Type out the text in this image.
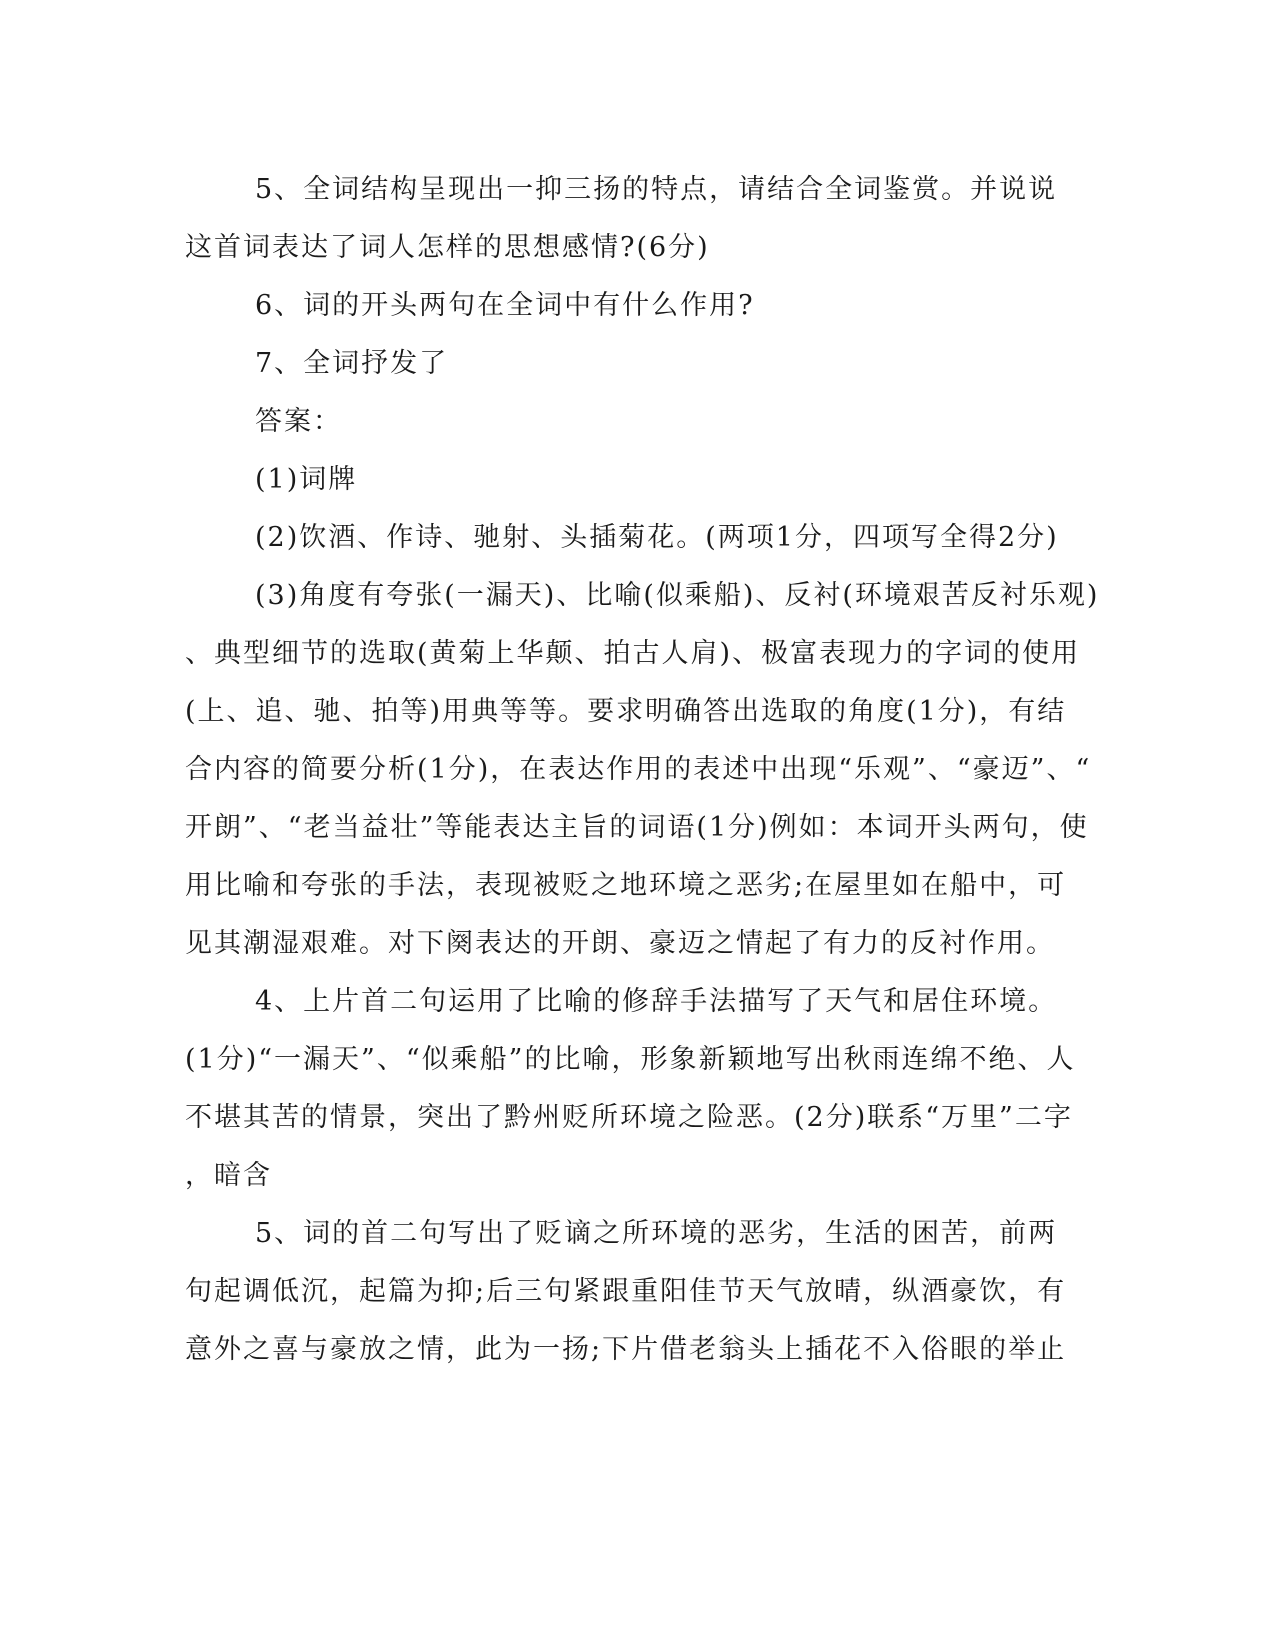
5、全词结构呈现出一抑三扬的特点，请结合全词鉴赏。并说说
这首词表达了词人怎样的思想感情?(6分)
6、词的开头两句在全词中有什么作用?
7、全词抒发了
答案：
(1)词牌
(2)饮酒、作诗、驰射、头插菊花。(两项1分，四项写全得2分)
(3)角度有夸张(一漏天)、比喻(似乘船)、反衬(环境艰苦反衬乐观)
、典型细节的选取(黄菊上华颠、拍古人肩)、极富表现力的字词的使用
(上、追、驰、拍等)用典等等。要求明确答出选取的角度(1分)，有结
合内容的简要分析(1分)，在表达作用的表述中出现“乐观”、“豪迈”、“
开朗”、“老当益壮”等能表达主旨的词语(1分)例如：本词开头两句，使
用比喻和夸张的手法，表现被贬之地环境之恶劣;在屋里如在船中，可
见其潮湿艰难。对下阕表达的开朗、豪迈之情起了有力的反衬作用。
4、上片首二句运用了比喻的修辞手法描写了天气和居住环境。
(1分)“一漏天”、“似乘船”的比喻，形象新颖地写出秋雨连绵不绝、人
不堪其苦的情景，突出了黔州贬所环境之险恶。(2分)联系“万里”二字
，暗含
5、词的首二句写出了贬谪之所环境的恶劣，生活的困苦，前两
句起调低沉，起篇为抑;后三句紧跟重阳佳节天气放晴，纵酒豪饮，有
意外之喜与豪放之情，此为一扬;下片借老翁头上插花不入俗眼的举止
